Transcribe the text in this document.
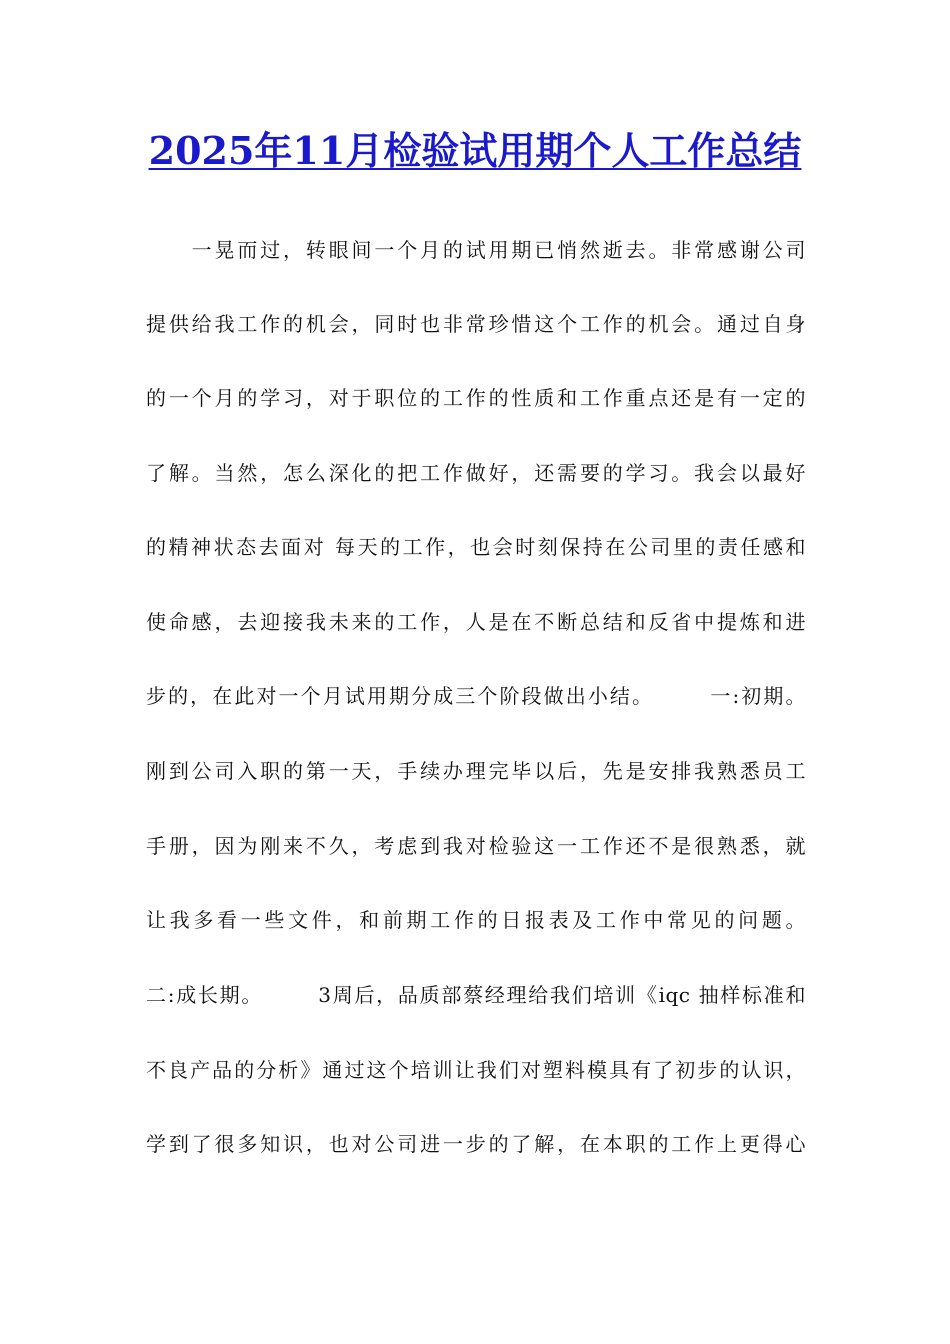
2025年11月检验试用期个人工作总结

　　一晃而过，转眼间一个月的试用期已悄然逝去。非常感谢公司

提供给我工作的机会，同时也非常珍惜这个工作的机会。通过自身

的一个月的学习，对于职位的工作的性质和工作重点还是有一定的

了解。当然，怎么深化的把工作做好，还需要的学习。我会以最好

的精神状态去面对 每天的工作，也会时刻保持在公司里的责任感和

使命感，去迎接我未来的工作，人是在不断总结和反省中提炼和进

步的，在此对一个月试用期分成三个阶段做出小结。　　　一:初期。

刚到公司入职的第一天，手续办理完毕以后，先是安排我熟悉员工

手册，因为刚来不久，考虑到我对检验这一工作还不是很熟悉，就

让我多看一些文件，和前期工作的日报表及工作中常见的问题。

二:成长期。　　　3周后，品质部蔡经理给我们培训《iqc 抽样标准和

不良产品的分析》通过这个培训让我们对塑料模具有了初步的认识，

学到了很多知识，也对公司进一步的了解，在本职的工作上更得心
